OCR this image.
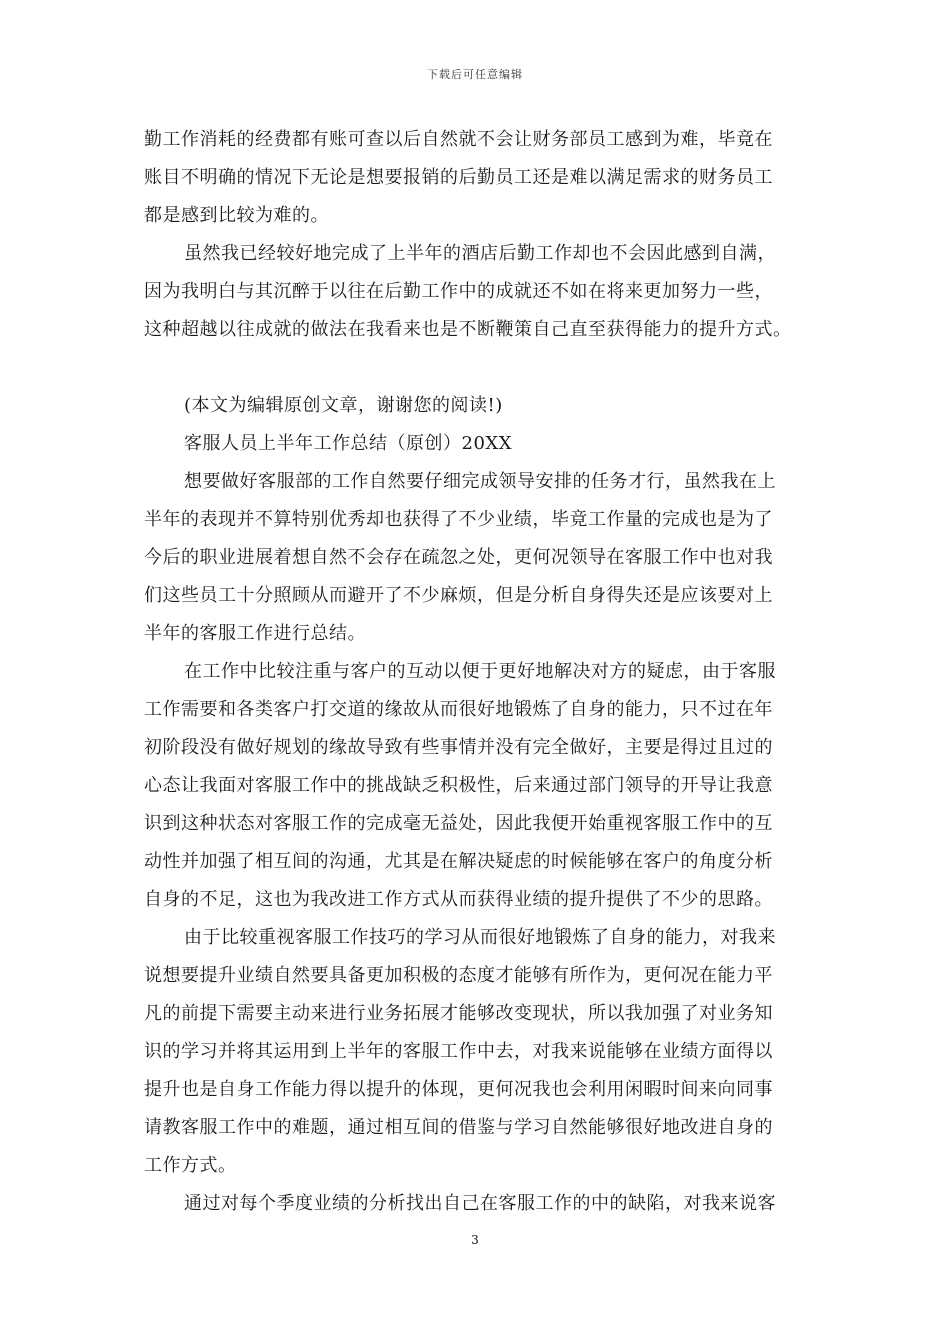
下载后可任意编辑
勤工作消耗的经费都有账可查以后自然就不会让财务部员工感到为难，毕竟在
账目不明确的情况下无论是想要报销的后勤员工还是难以满足需求的财务员工
都是感到比较为难的。
虽然我已经较好地完成了上半年的酒店后勤工作却也不会因此感到自满，
因为我明白与其沉醉于以往在后勤工作中的成就还不如在将来更加努力一些，
这种超越以往成就的做法在我看来也是不断鞭策自己直至获得能力的提升方式。
(本文为编辑原创文章，谢谢您的阅读!)
客服人员上半年工作总结（原创）20XX
想要做好客服部的工作自然要仔细完成领导安排的任务才行，虽然我在上
半年的表现并不算特别优秀却也获得了不少业绩，毕竟工作量的完成也是为了
今后的职业进展着想自然不会存在疏忽之处，更何况领导在客服工作中也对我
们这些员工十分照顾从而避开了不少麻烦，但是分析自身得失还是应该要对上
半年的客服工作进行总结。
在工作中比较注重与客户的互动以便于更好地解决对方的疑虑，由于客服
工作需要和各类客户打交道的缘故从而很好地锻炼了自身的能力，只不过在年
初阶段没有做好规划的缘故导致有些事情并没有完全做好，主要是得过且过的
心态让我面对客服工作中的挑战缺乏积极性，后来通过部门领导的开导让我意
识到这种状态对客服工作的完成毫无益处，因此我便开始重视客服工作中的互
动性并加强了相互间的沟通，尤其是在解决疑虑的时候能够在客户的角度分析
自身的不足，这也为我改进工作方式从而获得业绩的提升提供了不少的思路。
由于比较重视客服工作技巧的学习从而很好地锻炼了自身的能力，对我来
说想要提升业绩自然要具备更加积极的态度才能够有所作为，更何况在能力平
凡的前提下需要主动来进行业务拓展才能够改变现状，所以我加强了对业务知
识的学习并将其运用到上半年的客服工作中去，对我来说能够在业绩方面得以
提升也是自身工作能力得以提升的体现，更何况我也会利用闲暇时间来向同事
请教客服工作中的难题，通过相互间的借鉴与学习自然能够很好地改进自身的
工作方式。
通过对每个季度业绩的分析找出自己在客服工作的中的缺陷，对我来说客
3
